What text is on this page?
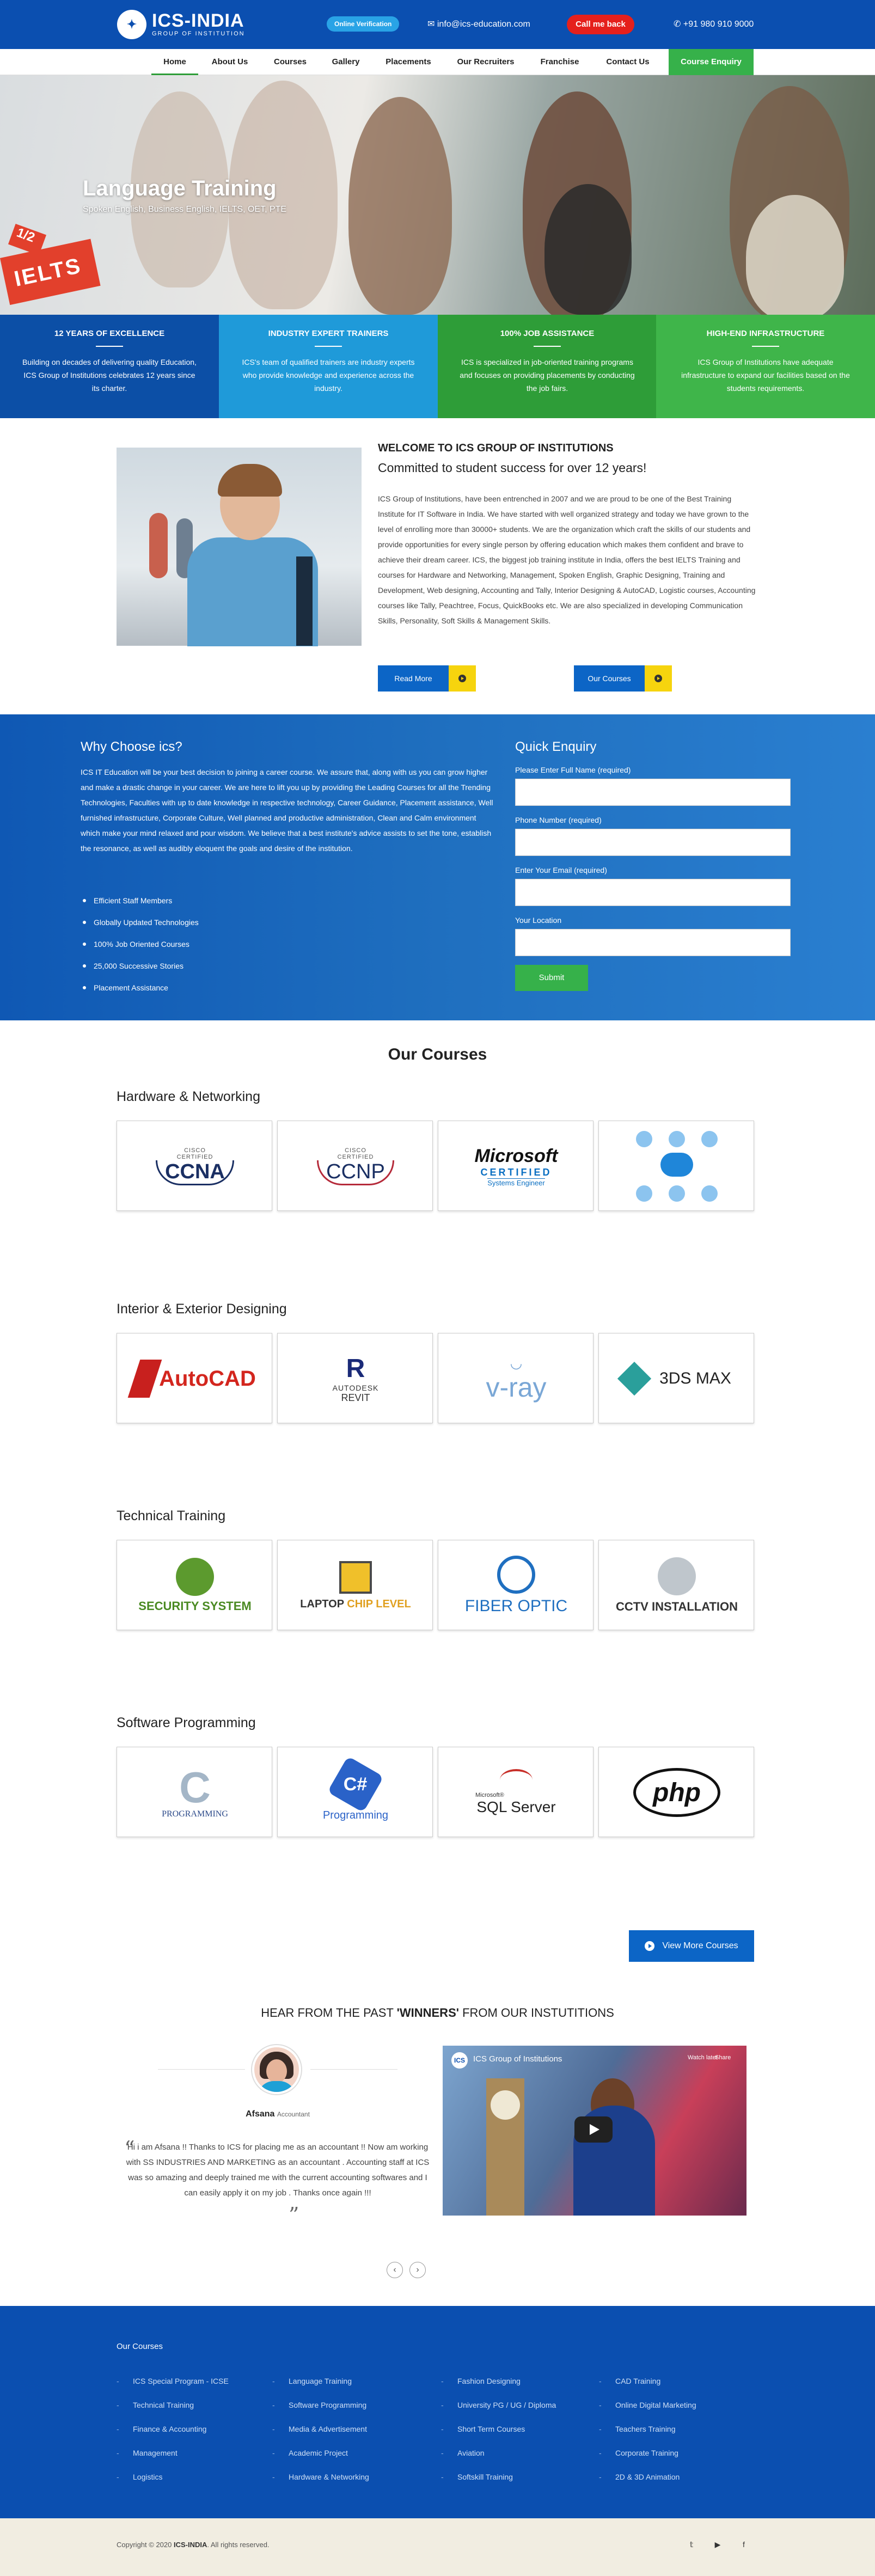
✦ ICS-INDIA
GROUP OF INSTITUTION
Online Verification	✉ info@ics-education.com	Call me back	✆ +91 980 910 9000
Home	About Us	Courses	Gallery	Placements	Our Recruiters	Franchise	Contact Us	Course Enquiry
IELTS
1/2
Language Training
Spoken English, Business English, IELTS, OET, PTE
12 YEARS OF EXCELLENCE

Building on decades of delivering quality Education, ICS Group of Institutions celebrates 12 years since its charter.

INDUSTRY EXPERT TRAINERS

ICS's team of qualified trainers are industry experts who provide knowledge and experience across the industry.

100% JOB ASSISTANCE

ICS is specialized in job-oriented training programs and focuses on providing placements by conducting the job fairs.

HIGH-END INFRASTRUCTURE

ICS Group of Institutions have adequate infrastructure to expand our facilities based on the students requirements.

WELCOME TO ICS GROUP OF INSTITUTIONS
Committed to student success for over 12 years!
ICS Group of Institutions, have been entrenched in 2007 and we are proud to be one of the Best Training Institute for IT Software in India. We have started with well organized strategy and today we have grown to the level of enrolling more than 30000+ students. We are the organization which craft the skills of our students and provide opportunities for every single person by offering education which makes them confident and brave to achieve their dream career. ICS, the biggest job training institute in India, offers the best IELTS Training and courses for Hardware and Networking, Management, Spoken English, Graphic Designing, Training and Development, Web designing, Accounting and Tally, Interior Designing & AutoCAD, Logistic courses, Accounting courses like Tally, Peachtree, Focus, QuickBooks etc. We are also specialized in developing Communication Skills, Personality, Soft Skills & Management Skills.
Read More	Our Courses
Why Choose ics?
ICS IT Education will be your best decision to joining a career course. We assure that, along with us you can grow higher and make a drastic change in your career. We are here to lift you up by providing the Leading Courses for all the Trending Technologies, Faculties with up to date knowledge in respective technology, Career Guidance, Placement assistance, Well furnished infrastructure, Corporate Culture, Well planned and productive administration, Clean and Calm environment which make your mind relaxed and pour wisdom. We believe that a best institute's advice assists to set the tone, establish the resonance, as well as audibly eloquent the goals and desire of the institution.
Efficient Staff Members
Globally Updated Technologies
100% Job Oriented Courses
25,000 Successive Stories
Placement Assistance
Quick Enquiry
Please Enter Full Name (required)
Phone Number (required)
Enter Your Email (required)
Your Location
Submit
Our Courses
Hardware & Networking
CISCO
CERTIFIED
CCNA
CISCO
CERTIFIED
CCNP
Microsoft
CERTIFIED
Systems Engineer
Interior & Exterior Designing
AutoCAD	R
AUTODESK
REVIT
◡
v-ray	3DS MAX
Technical Training
SECURITY SYSTEM	LAPTOP CHIP LEVEL	FIBER OPTIC	CCTV INSTALLATION
Software Programming
C
PROGRAMMING
C#
Programming
Microsoft®
SQL Server	php
View More Courses
HEAR FROM THE PAST 'WINNERS' FROM OUR INSTUTITIONS
Afsana Accountant
“
Hi i am Afsana !! Thanks to ICS for placing me as an accountant !! Now am working with SS INDUSTRIES AND MARKETING as an accountant . Accounting staff at ICS was so amazing and deeply trained me with the current accounting softwares and I can easily apply it on my job . Thanks once again !!!
”
ICS	ICS Group of Institutions	Watch later
Share
‹	›
Our Courses
- ICS Special Program - ICSE
- Technical Training
- Finance & Accounting
- Management
- Logistics
- Language Training
- Software Programming
- Media & Advertisement
- Academic Project
- Hardware & Networking
- Fashion Designing
- University PG / UG / Diploma
- Short Term Courses
- Aviation
- Softskill Training
- CAD Training
- Online Digital Marketing
- Teachers Training
- Corporate Training
- 2D & 3D Animation
Copyright © 2020 ICS-INDIA. All rights reserved.	𝕥	▶	f
